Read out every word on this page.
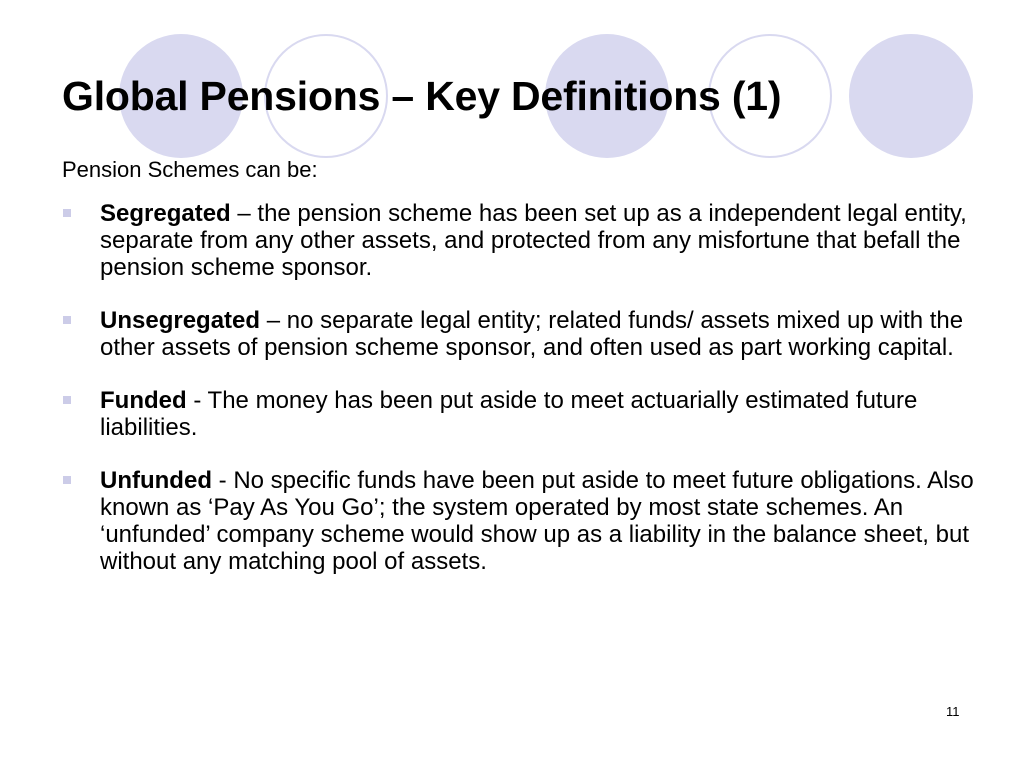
Global Pensions – Key Definitions (1)
Pension Schemes can be:
Segregated – the pension scheme has been set up as a independent legal entity, separate from any other assets, and protected from any misfortune that befall the pension scheme sponsor.
Unsegregated – no separate legal entity; related funds/ assets mixed up with the other assets of pension scheme sponsor, and often used as part working capital.
Funded - The money has been put aside to meet actuarially estimated future liabilities.
Unfunded - No specific funds have been put aside to meet future obligations. Also known as ‘Pay As You Go’; the system operated by most state schemes. An ‘unfunded’ company scheme would show up as a liability in the balance sheet, but without any matching pool of assets.
11
